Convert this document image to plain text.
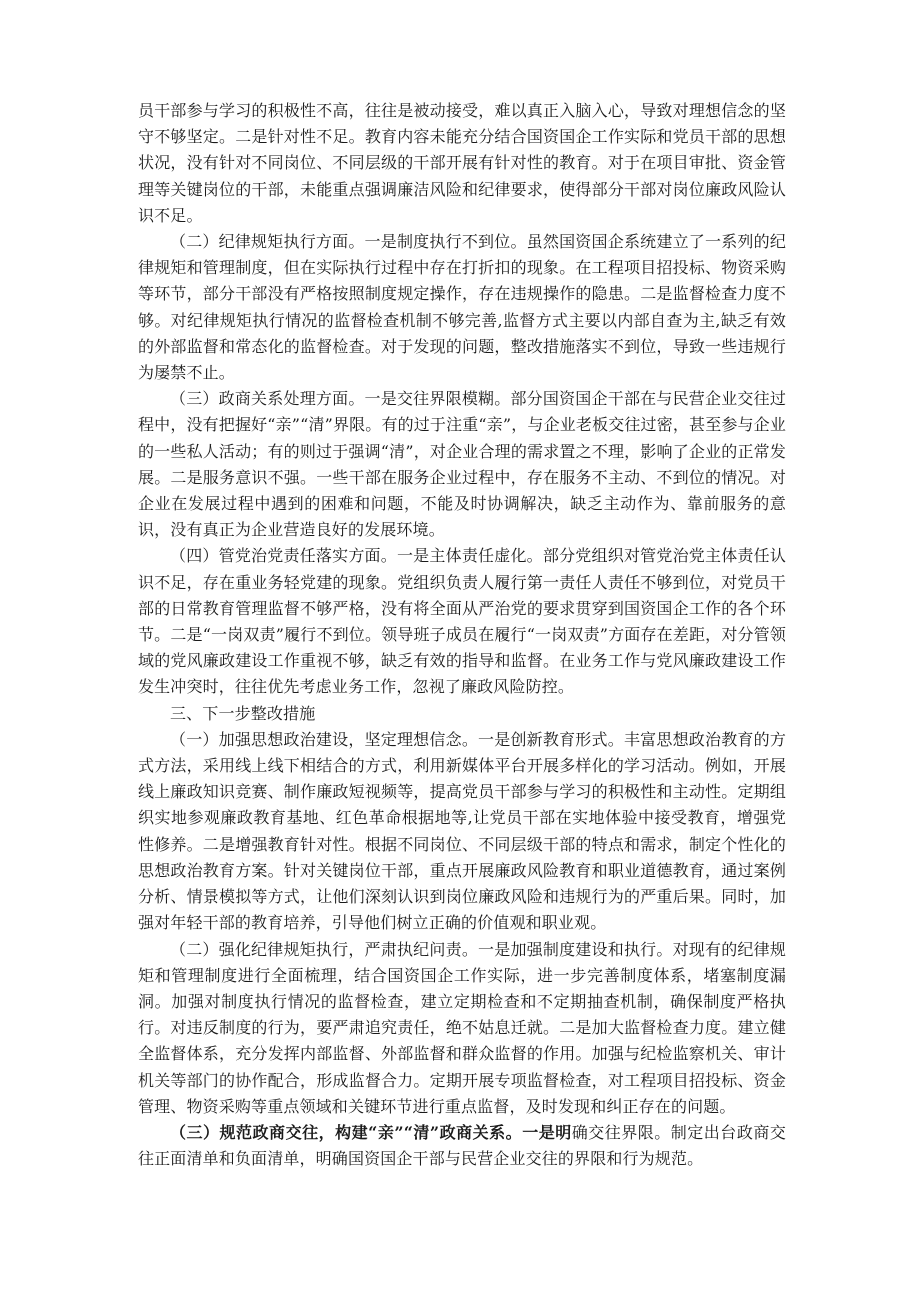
员干部参与学习的积极性不高，往往是被动接受，难以真正入脑入心，导致对理想信念的坚守不够坚定。二是针对性不足。教育内容未能充分结合国资国企工作实际和党员干部的思想状况，没有针对不同岗位、不同层级的干部开展有针对性的教育。对于在项目审批、资金管理等关键岗位的干部，未能重点强调廉洁风险和纪律要求，使得部分干部对岗位廉政风险认识不足。

（二）纪律规矩执行方面。一是制度执行不到位。虽然国资国企系统建立了一系列的纪律规矩和管理制度，但在实际执行过程中存在打折扣的现象。在工程项目招投标、物资采购等环节，部分干部没有严格按照制度规定操作，存在违规操作的隐患。二是监督检查力度不够。对纪律规矩执行情况的监督检查机制不够完善,监督方式主要以内部自查为主,缺乏有效的外部监督和常态化的监督检查。对于发现的问题，整改措施落实不到位，导致一些违规行为屡禁不止。

（三）政商关系处理方面。一是交往界限模糊。部分国资国企干部在与民营企业交往过程中，没有把握好“亲”“清”界限。有的过于注重“亲”，与企业老板交往过密，甚至参与企业的一些私人活动；有的则过于强调“清”，对企业合理的需求置之不理，影响了企业的正常发展。二是服务意识不强。一些干部在服务企业过程中，存在服务不主动、不到位的情况。对企业在发展过程中遇到的困难和问题，不能及时协调解决，缺乏主动作为、靠前服务的意识，没有真正为企业营造良好的发展环境。

（四）管党治党责任落实方面。一是主体责任虚化。部分党组织对管党治党主体责任认识不足，存在重业务轻党建的现象。党组织负责人履行第一责任人责任不够到位，对党员干部的日常教育管理监督不够严格，没有将全面从严治党的要求贯穿到国资国企工作的各个环节。二是“一岗双责”履行不到位。领导班子成员在履行“一岗双责”方面存在差距，对分管领域的党风廉政建设工作重视不够，缺乏有效的指导和监督。在业务工作与党风廉政建设工作发生冲突时，往往优先考虑业务工作，忽视了廉政风险防控。

三、下一步整改措施

（一）加强思想政治建设，坚定理想信念。一是创新教育形式。丰富思想政治教育的方式方法，采用线上线下相结合的方式，利用新媒体平台开展多样化的学习活动。例如，开展线上廉政知识竞赛、制作廉政短视频等，提高党员干部参与学习的积极性和主动性。定期组织实地参观廉政教育基地、红色革命根据地等,让党员干部在实地体验中接受教育，增强党性修养。二是增强教育针对性。根据不同岗位、不同层级干部的特点和需求，制定个性化的思想政治教育方案。针对关键岗位干部，重点开展廉政风险教育和职业道德教育，通过案例分析、情景模拟等方式，让他们深刻认识到岗位廉政风险和违规行为的严重后果。同时，加强对年轻干部的教育培养，引导他们树立正确的价值观和职业观。

（二）强化纪律规矩执行，严肃执纪问责。一是加强制度建设和执行。对现有的纪律规矩和管理制度进行全面梳理，结合国资国企工作实际，进一步完善制度体系，堵塞制度漏洞。加强对制度执行情况的监督检查，建立定期检查和不定期抽查机制，确保制度严格执行。对违反制度的行为，要严肃追究责任，绝不姑息迁就。二是加大监督检查力度。建立健全监督体系，充分发挥内部监督、外部监督和群众监督的作用。加强与纪检监察机关、审计机关等部门的协作配合，形成监督合力。定期开展专项监督检查，对工程项目招投标、资金管理、物资采购等重点领域和关键环节进行重点监督，及时发现和纠正存在的问题。

（三）规范政商交往，构建“亲”“清”政商关系。一是明确交往界限。制定出台政商交往正面清单和负面清单，明确国资国企干部与民营企业交往的界限和行为规范。
